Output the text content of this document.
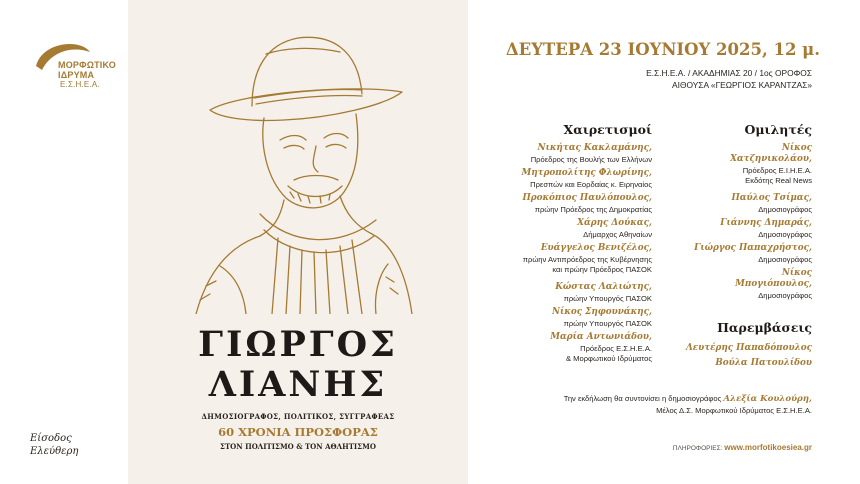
ΜΟΡΦΩΤΙΚΟ
ΙΔΡΥΜΑ
Ε.Σ.Η.Ε.Α.
Είσοδος
Ελεύθερη
ΓΙΩΡΓΟΣ
ΛΙΑΝΗΣ
ΔΗΜΟΣΙΟΓΡΑΦΟΣ, ΠΟΛΙΤΙΚΟΣ, ΣΥΓΓΡΑΦΕΑΣ
60 ΧΡΟΝΙΑ ΠΡΟΣΦΟΡΑΣ
ΣΤΟΝ ΠΟΛΙΤΙΣΜΟ & ΤΟΝ ΑΘΛΗΤΙΣΜΟ
ΔΕΥΤΕΡΑ 23 ΙΟΥΝΙΟΥ 2025, 12 μ.
Ε.Σ.Η.Ε.Α. / ΑΚΑΔΗΜΙΑΣ 20 / 1ος ΟΡΟΦΟΣ
ΑΙΘΟΥΣΑ «ΓΕΩΡΓΙΟΣ ΚΑΡΑΝΤΖΑΣ»
Χαιρετισμοί	Ομιλητές
Νικήτας Κακλαμάνης,
Πρόεδρος της Βουλής των Ελλήνων
Μητροπολίτης Φλωρίνης,
Πρεσπών και Εορδαίας κ. Ειρηναίος
Προκόπιος Παυλόπουλος,
πρώην Πρόεδρος της Δημοκρατίας
Χάρης Δούκας,
Δήμαρχος Αθηναίων
Ευάγγελος Βενιζέλος,
πρώην Αντιπρόεδρος της Κυβέρνησης
και πρώην Πρόεδρος ΠΑΣΟΚ
Κώστας Λαλιώτης,
πρώην Υπουργός ΠΑΣΟΚ
Νίκος Σηφουνάκης,
πρώην Υπουργός ΠΑΣΟΚ
Μαρία Αντωνιάδου,
Πρόεδρος Ε.Σ.Η.Ε.Α.
& Μορφωτικού Ιδρύματος
Νίκος
Χατζηνικολάου,
Πρόεδρος Ε.Ι.Η.Ε.Α.
Εκδότης Real News
Παύλος Τσίμας,
Δημοσιογράφος
Γιάννης Δημαράς,
Δημοσιογράφος
Γιώργος Παπαχρήστος,
Δημοσιογράφος
Νίκος
Μπογιόπουλος,
Δημοσιογράφος
Παρεμβάσεις
Λευτέρης Παπαδόπουλος
Βούλα Πατουλίδου
Την εκδήλωση θα συντονίσει η δημοσιογράφος Αλεξία Κουλούρη,
Μέλος Δ.Σ. Μορφωτικού Ιδρύματος Ε.Σ.Η.Ε.Α.
ΠΛΗΡΟΦΟΡΙΕΣ: www.morfotikoesiea.gr
